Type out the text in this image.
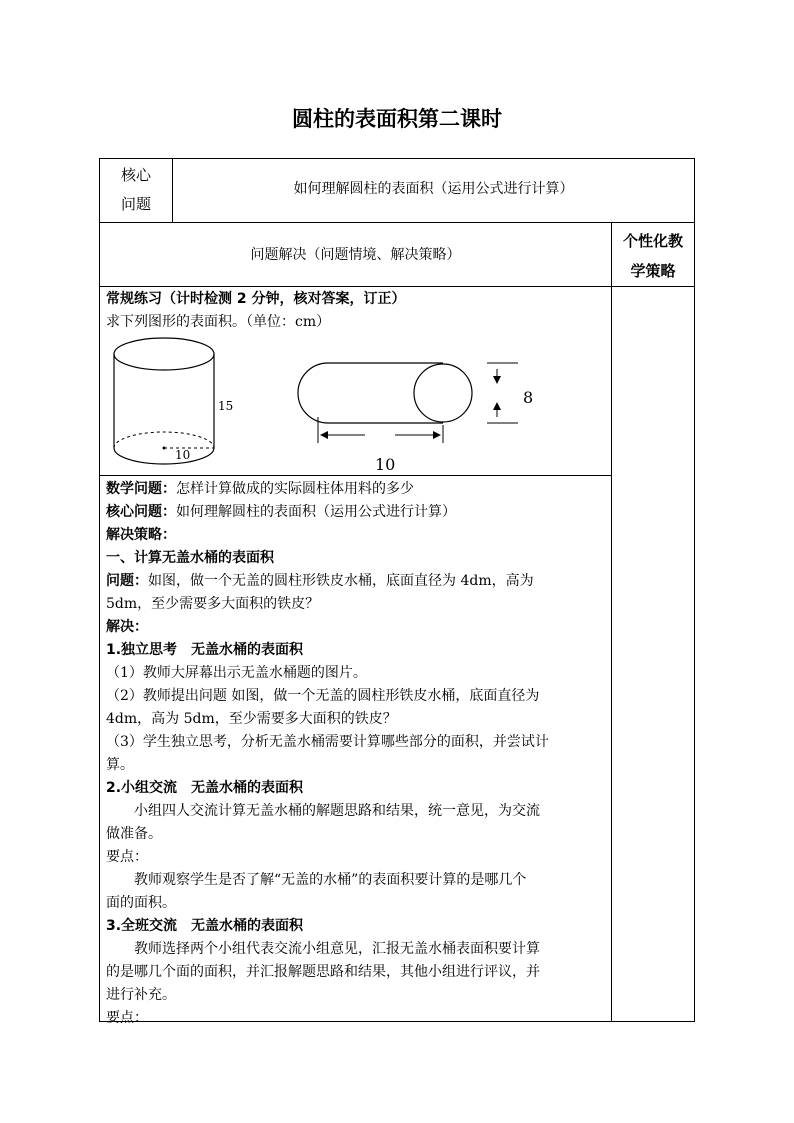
圆柱的表面积第二课时
核心
问题
如何理解圆柱的表面积（运用公式进行计算）
问题解决（问题情境、解决策略）
个性化教
学策略
常规练习（计时检测 2 分钟，核对答案，订正）
求下列图形的表面积。（单位：cm）
10
15	8
10
数学问题：怎样计算做成的实际圆柱体用料的多少
核心问题：如何理解圆柱的表面积（运用公式进行计算）
解决策略：
一、计算无盖水桶的表面积
问题：如图，做一个无盖的圆柱形铁皮水桶，底面直径为 4dm，高为
5dm，至少需要多大面积的铁皮？
解决：
1.独立思考　无盖水桶的表面积
（1）教师大屏幕出示无盖水桶题的图片。
（2）教师提出问题 如图，做一个无盖的圆柱形铁皮水桶，底面直径为
4dm，高为 5dm，至少需要多大面积的铁皮？
（3）学生独立思考，分析无盖水桶需要计算哪些部分的面积，并尝试计
算。
2.小组交流　无盖水桶的表面积
小组四人交流计算无盖水桶的解题思路和结果，统一意见，为交流
做准备。
要点：
教师观察学生是否了解“无盖的水桶”的表面积要计算的是哪几个
面的面积。
3.全班交流　无盖水桶的表面积
教师选择两个小组代表交流小组意见，汇报无盖水桶表面积要计算
的是哪几个面的面积，并汇报解题思路和结果，其他小组进行评议，并
进行补充。
要点：
